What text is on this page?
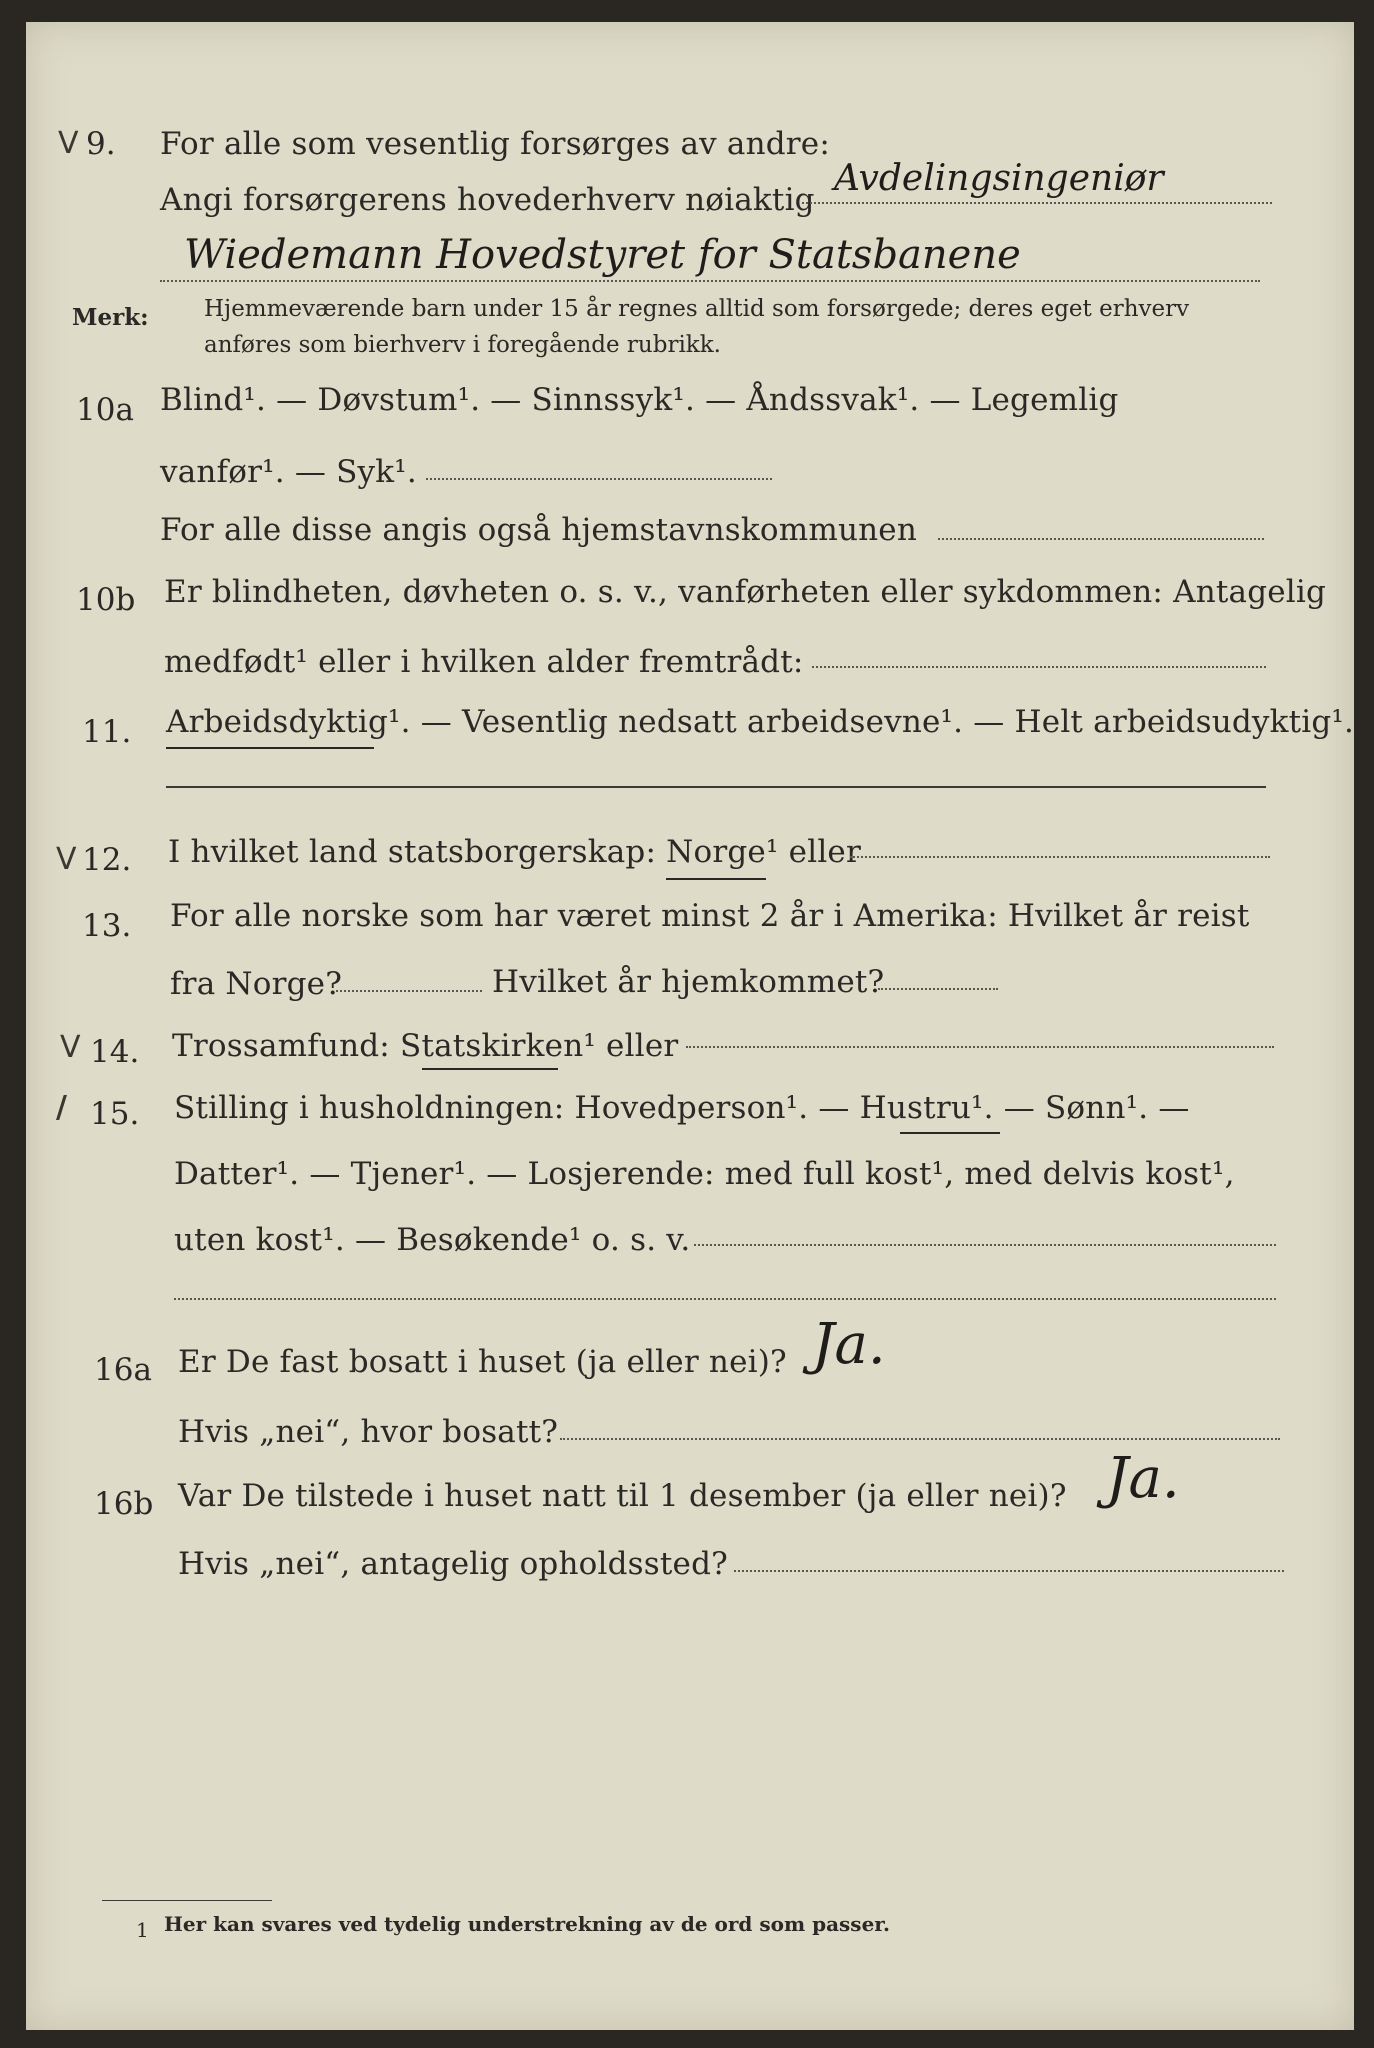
V 9. For alle som vesentlig forsørges av andre:
Angi forsørgerens hovederhverv nøiaktig
Avdelingsingeniør
Wiedemann Hovedstyret for Statsbanene
Merk: Hjemmeværende barn under 15 år regnes alltid som forsørgede; deres eget erhverv
anføres som bierhverv i foregående rubrikk.
10a Blind¹. — Døvstum¹. — Sinnssyk¹. — Åndssvak¹. — Legemlig
vanfør¹. — Syk¹.
For alle disse angis også hjemstavnskommunen
10b Er blindheten, døvheten o. s. v., vanførheten eller sykdommen: Antagelig
medfødt¹ eller i hvilken alder fremtrådt:
11. Arbeidsdyktig¹. — Vesentlig nedsatt arbeidsevne¹. — Helt arbeidsudyktig¹.
V 12. I hvilket land statsborgerskap: Norge¹ eller
13. For alle norske som har været minst 2 år i Amerika: Hvilket år reist
fra Norge?	Hvilket år hjemkommet?
V 14. Trossamfund: Statskirken¹ eller
/ 15. Stilling i husholdningen: Hovedperson¹. — Hustru¹. — Sønn¹. —
Datter¹. — Tjener¹. — Losjerende: med full kost¹, med delvis kost¹,
uten kost¹. — Besøkende¹ o. s. v.
16a Er De fast bosatt i huset (ja eller nei)? Ja.
Hvis „nei“, hvor bosatt?
16b Var De tilstede i huset natt til 1 desember (ja eller nei)? Ja.
Hvis „nei“, antagelig opholdssted?
1 Her kan svares ved tydelig understrekning av de ord som passer.
